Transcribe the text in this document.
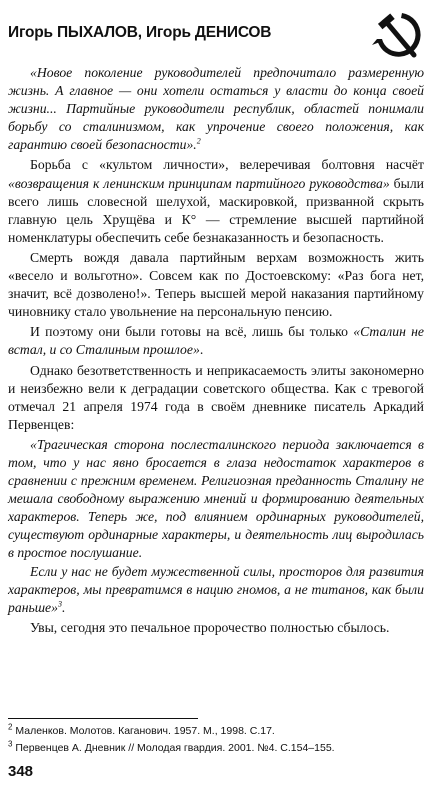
Игорь ПЫХАЛОВ, Игорь ДЕНИСОВ

«Новое поколение руководителей предпочитало размеренную жизнь. А главное — они хотели остаться у власти до конца своей жизни... Партийные руководители республик, областей понимали борьбу со сталинизмом, как упрочение своего положения, как гарантию своей безопасности».$^2$

Борьба с «культом личности», велеречивая болтовня насчёт «возвращения к ленинским принципам партийного руководства» были всего лишь словесной шелухой, маскировкой, призванной скрыть главную цель Хрущёва и К° — стремление высшей партийной номенклатуры обеспечить себе безнаказанность и безопасность.

Смерть вождя давала партийным верхам возможность жить «весело и вольготно». Совсем как по Достоевскому: «Раз бога нет, значит, всё дозволено!». Теперь высшей мерой наказания партийному чиновнику стало увольнение на персональную пенсию.

И поэтому они были готовы на всё, лишь бы только «Сталин не встал, и со Сталиным прошлое».

Однако безответственность и неприкасаемость элиты закономерно и неизбежно вели к деградации советского общества. Как с тревогой отмечал 21 апреля 1974 года в своём дневнике писатель Аркадий Первенцев:

«Трагическая сторона послесталинского периода заключается в том, что у нас явно бросается в глаза недостаток характеров в сравнении с прежним временем. Религиозная преданность Сталину не мешала свободному выражению мнений и формированию деятельных характеров. Теперь же, под влиянием ординарных руководителей, существуют ординарные характеры, и деятельность лиц выродилась в простое послушание.

Если у нас не будет мужественной силы, просторов для развития характеров, мы превратимся в нацию гномов, а не титанов, как были раньше»$^3$.

Увы, сегодня это печальное пророчество полностью сбылось.

$^2$ Маленков. Молотов. Каганович. 1957. М., 1998. С.17.
$^3$ Первенцев А. Дневник // Молодая гвардия. 2001. №4. С.154–155.
348
